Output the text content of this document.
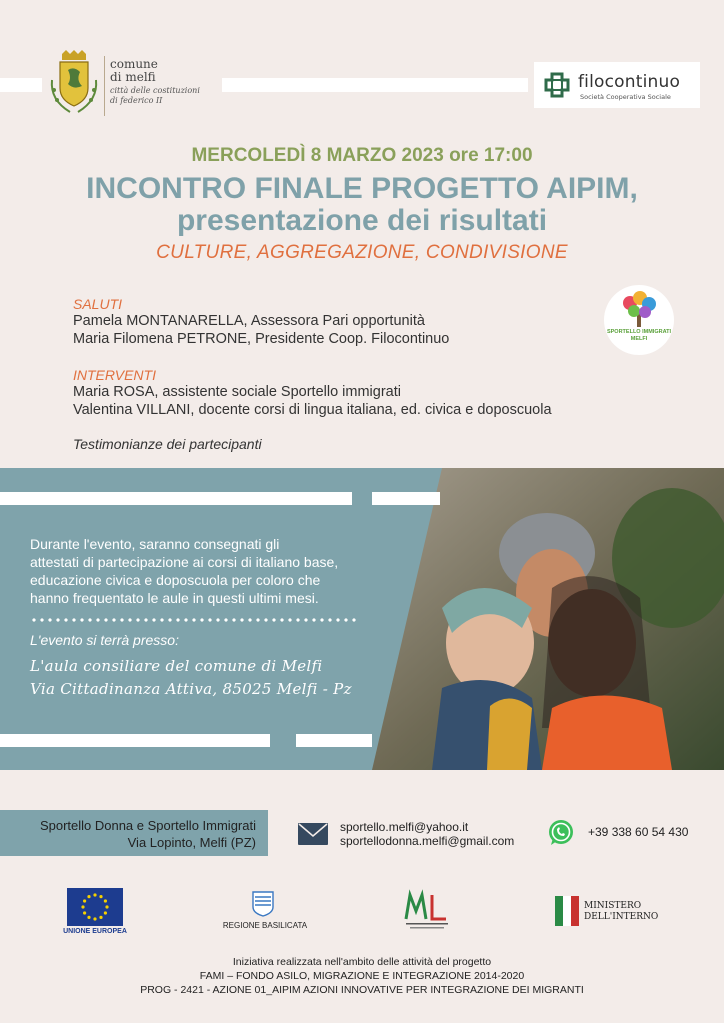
comune
di melfi
città delle costituzioni
di federico II
filocontinuo
Società Cooperativa Sociale
MERCOLEDÌ 8 MARZO 2023 ore 17:00
INCONTRO FINALE PROGETTO AIPIM,
presentazione dei risultati
CULTURE, AGGREGAZIONE, CONDIVISIONE
SALUTI
Pamela MONTANARELLA, Assessora Pari opportunità
Maria Filomena PETRONE, Presidente Coop. Filocontinuo
INTERVENTI
Maria ROSA, assistente sociale Sportello immigrati
Valentina VILLANI, docente corsi di lingua italiana, ed. civica e doposcuola
Testimonianze dei partecipanti
SPORTELLO IMMIGRATI
MELFI
Durante l'evento, saranno consegnati gli
attestati di partecipazione ai corsi di italiano base,
educazione civica e doposcuola per coloro che
hanno frequentato le aule in questi ultimi mesi.
L'evento si terrà presso:
L'aula consiliare del comune di Melfi
Via Cittadinanza Attiva, 85025 Melfi - Pz
Sportello Donna e Sportello Immigrati
Via Lopinto, Melfi (PZ)
sportello.melfi@yahoo.it
sportellodonna.melfi@gmail.com
+39 338 60 54 430
UNIONE EUROPEA
REGIONE BASILICATA
MINISTERO
DELL'INTERNO
Iniziativa realizzata nell'ambito delle attività del progetto
FAMI – FONDO ASILO, MIGRAZIONE E INTEGRAZIONE 2014-2020
PROG - 2421 - AZIONE 01_AIPIM AZIONI INNOVATIVE PER INTEGRAZIONE DEI MIGRANTI
